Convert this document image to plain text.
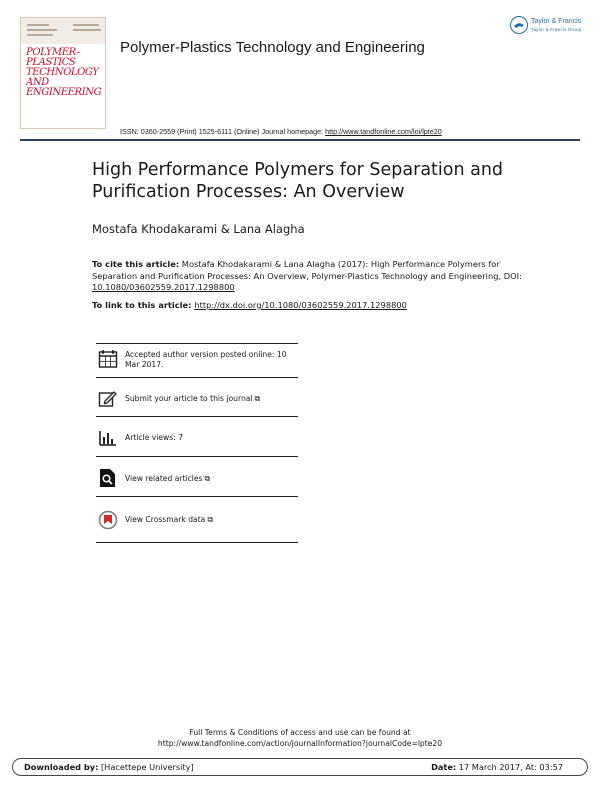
POLYMER–PLASTICS TECHNOLOGY AND ENGINEERING
Polymer-Plastics Technology and Engineering
Taylor & Francis
Taylor & Francis Group
ISSN: 0360-2559 (Print) 1525-6111 (Online) Journal homepage: http://www.tandfonline.com/loi/lpte20
High Performance Polymers for Separation and Purification Processes: An Overview
Mostafa Khodakarami & Lana Alagha
To cite this article: Mostafa Khodakarami & Lana Alagha (2017): High Performance Polymers for Separation and Purification Processes: An Overview, Polymer-Plastics Technology and Engineering, DOI: 10.1080/03602559.2017.1298800
To link to this article: http://dx.doi.org/10.1080/03602559.2017.1298800
Accepted author version posted online: 10 Mar 2017.
Submit your article to this journal ⧉
Article views: 7
View related articles ⧉
View Crossmark data ⧉
Full Terms & Conditions of access and use can be found at
http://www.tandfonline.com/action/journalInformation?journalCode=lpte20
Downloaded by: [Hacettepe University]	Date: 17 March 2017, At: 03:57
